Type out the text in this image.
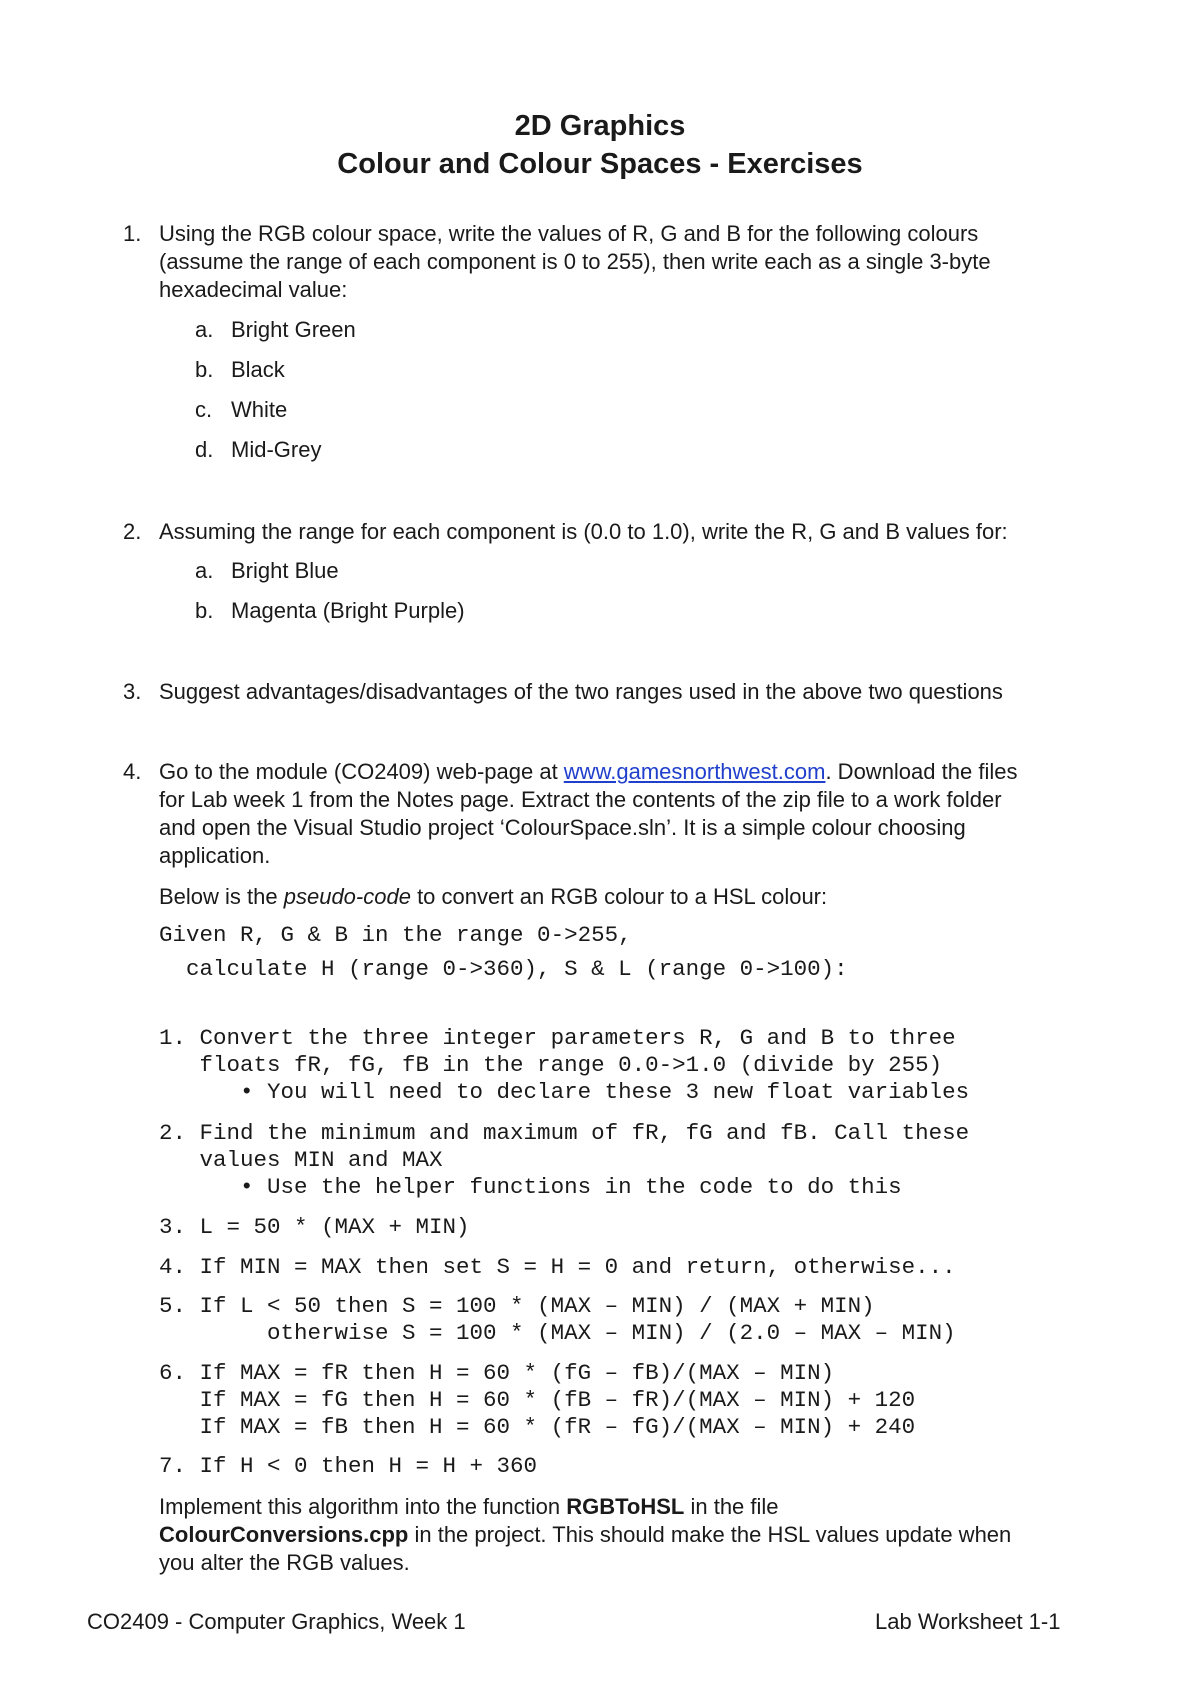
2D Graphics
Colour and Colour Spaces - Exercises
1. Using the RGB colour space, write the values of R, G and B for the following colours
(assume the range of each component is 0 to 255), then write each as a single 3-byte
hexadecimal value:
a. Bright Green
b. Black
c. White
d. Mid-Grey
2. Assuming the range for each component is (0.0 to 1.0), write the R, G and B values for:
a. Bright Blue
b. Magenta (Bright Purple)
3. Suggest advantages/disadvantages of the two ranges used in the above two questions
4. Go to the module (CO2409) web-page at www.gamesnorthwest.com. Download the files
for Lab week 1 from the Notes page. Extract the contents of the zip file to a work folder
and open the Visual Studio project ‘ColourSpace.sln’. It is a simple colour choosing
application.
Below is the pseudo-code to convert an RGB colour to a HSL colour:
Given R, G & B in the range 0->255,
calculate H (range 0->360), S & L (range 0->100):
1. Convert the three integer parameters R, G and B to three
floats fR, fG, fB in the range 0.0->1.0 (divide by 255)
• You will need to declare these 3 new float variables
2. Find the minimum and maximum of fR, fG and fB. Call these
values MIN and MAX
• Use the helper functions in the code to do this
3. L = 50 * (MAX + MIN)
4. If MIN = MAX then set S = H = 0 and return, otherwise...
5. If L < 50 then S = 100 * (MAX – MIN) / (MAX + MIN)
otherwise S = 100 * (MAX – MIN) / (2.0 – MAX – MIN)
6. If MAX = fR then H = 60 * (fG – fB)/(MAX – MIN)
If MAX = fG then H = 60 * (fB – fR)/(MAX – MIN) + 120
If MAX = fB then H = 60 * (fR – fG)/(MAX – MIN) + 240
7. If H < 0 then H = H + 360
Implement this algorithm into the function RGBToHSL in the file
ColourConversions.cpp in the project. This should make the HSL values update when
you alter the RGB values.
CO2409 - Computer Graphics, Week 1	Lab Worksheet 1-1
